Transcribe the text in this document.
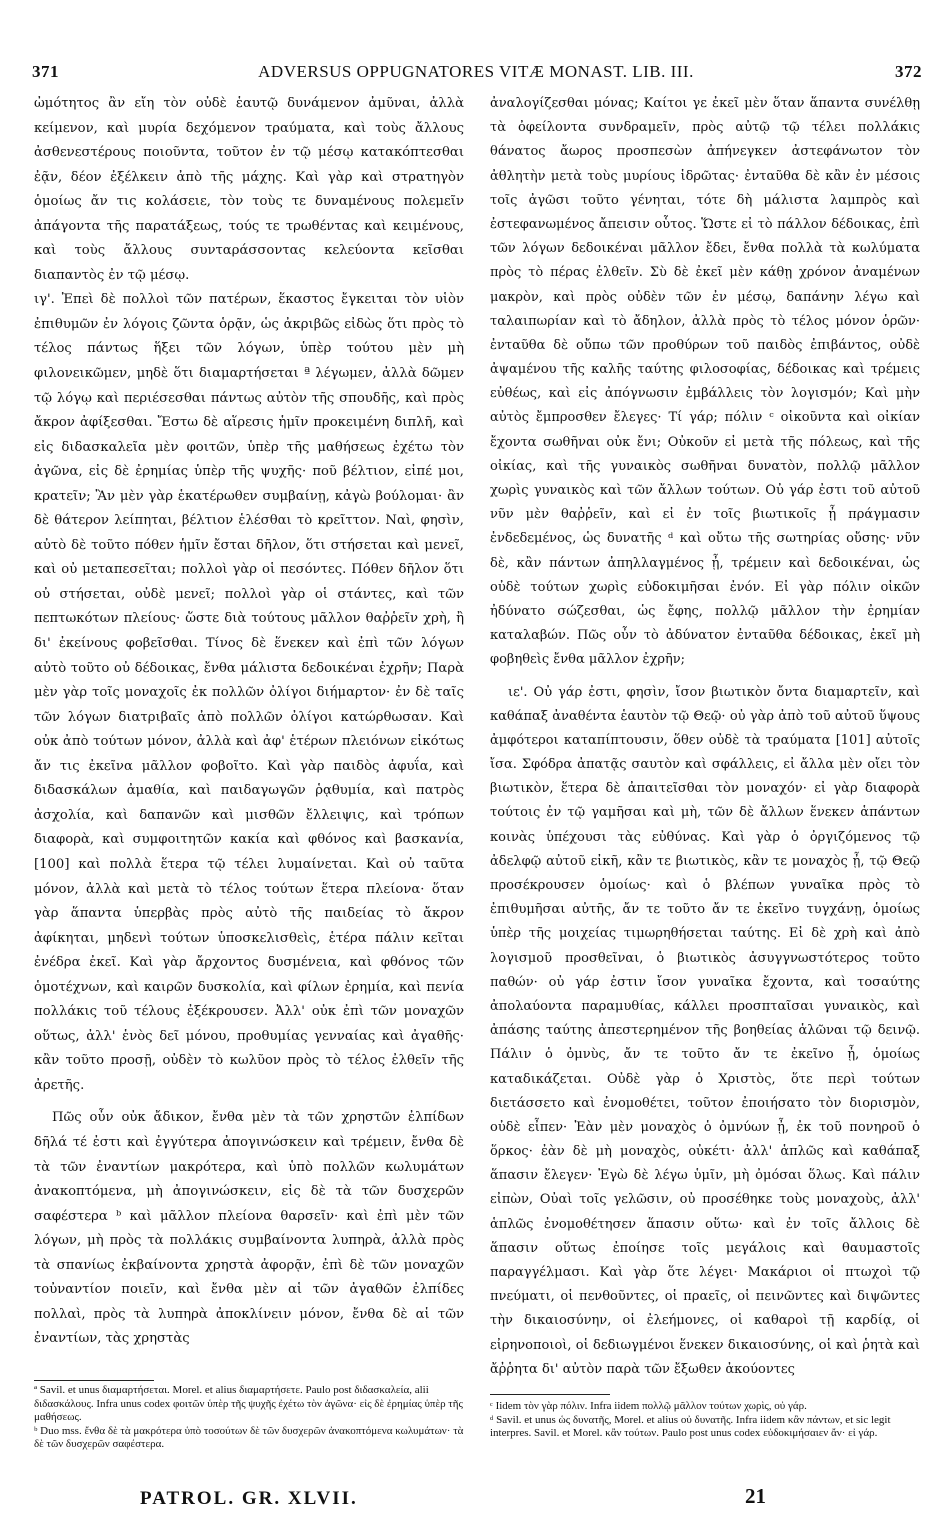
371	ADVERSUS OPPUGNATORES VITÆ MONAST. LIB. III.	372

ὠμότητος ἂν εἴη τὸν οὐδὲ ἑαυτῷ δυνάμενον ἀμῦναι, ἀλλὰ κείμενον, καὶ μυρία δεχόμενον τραύματα, καὶ τοὺς ἄλλους ἀσθενεστέρους ποιοῦντα, τοῦτον ἐν τῷ μέσῳ κατακόπτεσθαι ἐᾷν, δέον ἐξέλκειν ἀπὸ τῆς μάχης. Καὶ γὰρ καὶ στρατηγὸν ὁμοίως ἄν τις κολάσειε, τὸν τοὺς τε δυναμένους πολεμεῖν ἀπάγοντα τῆς παρατάξεως, τούς τε τρωθέντας καὶ κειμένους, καὶ τοὺς ἄλλους συνταράσσοντας κελεύοντα κεῖσθαι διαπαντὸς ἐν τῷ μέσῳ.

ιγ'. Ἐπεὶ δὲ πολλοὶ τῶν πατέρων, ἕκαστος ἔγκειται τὸν υἱὸν ἐπιθυμῶν ἐν λόγοις ζῶντα ὁρᾷν, ὡς ἀκριβῶς εἰδὼς ὅτι πρὸς τὸ τέλος πάντως ἥξει τῶν λόγων, ὑπὲρ τούτου μὲν μὴ φιλονεικῶμεν, μηδὲ ὅτι διαμαρτήσεται ª λέγωμεν, ἀλλὰ δῶμεν τῷ λόγῳ καὶ περιέσεσθαι πάντως αὐτὸν τῆς σπουδῆς, καὶ πρὸς ἄκρον ἀφίξεσθαι. Ἔστω δὲ αἵρεσις ἡμῖν προκειμένη διπλῆ, καὶ εἰς διδασκαλεῖα μὲν φοιτῶν, ὑπὲρ τῆς μαθήσεως ἐχέτω τὸν ἀγῶνα, εἰς δὲ ἐρημίας ὑπὲρ τῆς ψυχῆς· ποῦ βέλτιον, εἰπέ μοι, κρατεῖν; Ἂν μὲν γὰρ ἑκατέρωθεν συμβαίνῃ, κἀγὼ βούλομαι· ἂν δὲ θάτερον λείπηται, βέλτιον ἑλέσθαι τὸ κρεῖττον. Ναὶ, φησὶν, αὐτὸ δὲ τοῦτο πόθεν ἡμῖν ἔσται δῆλον, ὅτι στήσεται καὶ μενεῖ, καὶ οὐ μεταπεσεῖται; πολλοὶ γὰρ οἱ πεσόντες. Πόθεν δῆλον ὅτι οὐ στήσεται, οὐδὲ μενεῖ; πολλοὶ γὰρ οἱ στάντες, καὶ τῶν πεπτωκότων πλείους· ὥστε διὰ τούτους μᾶλλον θαῤῥεῖν χρὴ, ἢ δι' ἐκείνους φοβεῖσθαι. Τίνος δὲ ἕνεκεν καὶ ἐπὶ τῶν λόγων αὐτὸ τοῦτο οὐ δέδοικας, ἔνθα μάλιστα δεδοικέναι ἐχρῆν; Παρὰ μὲν γὰρ τοῖς μοναχοῖς ἐκ πολλῶν ὀλίγοι διήμαρτον· ἐν δὲ ταῖς τῶν λόγων διατριβαῖς ἀπὸ πολλῶν ὀλίγοι κατώρθωσαν. Καὶ οὐκ ἀπὸ τούτων μόνον, ἀλλὰ καὶ ἀφ' ἑτέρων πλειόνων εἰκότως ἄν τις ἐκεῖνα μᾶλλον φοβοῖτο. Καὶ γὰρ παιδὸς ἀφυΐα, καὶ διδασκάλων ἀμαθία, καὶ παιδαγωγῶν ῥᾳθυμία, καὶ πατρὸς ἀσχολία, καὶ δαπανῶν καὶ μισθῶν ἔλλειψις, καὶ τρόπων διαφορὰ, καὶ συμφοιτητῶν κακία καὶ φθόνος καὶ βασκανία, [100] καὶ πολλὰ ἕτερα τῷ τέλει λυμαίνεται. Καὶ οὐ ταῦτα μόνον, ἀλλὰ καὶ μετὰ τὸ τέλος τούτων ἕτερα πλείονα· ὅταν γὰρ ἅπαντα ὑπερβὰς πρὸς αὐτὸ τῆς παιδείας τὸ ἄκρον ἀφίκηται, μηδενὶ τούτων ὑποσκελισθεὶς, ἑτέρα πάλιν κεῖται ἐνέδρα ἐκεῖ. Καὶ γὰρ ἄρχοντος δυσμένεια, καὶ φθόνος τῶν ὁμοτέχνων, καὶ καιρῶν δυσκολία, καὶ φίλων ἐρημία, καὶ πενία πολλάκις τοῦ τέλους ἐξέκρουσεν. Ἀλλ' οὐκ ἐπὶ τῶν μοναχῶν οὕτως, ἀλλ' ἑνὸς δεῖ μόνου, προθυμίας γενναίας καὶ ἀγαθῆς· κἂν τοῦτο προσῇ, οὐδὲν τὸ κωλῦον πρὸς τὸ τέλος ἐλθεῖν τῆς ἀρετῆς.

Πῶς οὖν οὐκ ἄδικον, ἔνθα μὲν τὰ τῶν χρηστῶν ἐλπίδων δῆλά τέ ἐστι καὶ ἐγγύτερα ἀπογινώσκειν καὶ τρέμειν, ἔνθα δὲ τὰ τῶν ἐναντίων μακρότερα, καὶ ὑπὸ πολλῶν κωλυμάτων ἀνακοπτόμενα, μὴ ἀπογινώσκειν, εἰς δὲ τὰ τῶν δυσχερῶν σαφέστερα ᵇ καὶ μᾶλλον πλείονα θαρσεῖν· καὶ ἐπὶ μὲν τῶν λόγων, μὴ πρὸς τὰ πολλάκις συμβαίνοντα λυπηρὰ, ἀλλὰ πρὸς τὰ σπανίως ἐκβαίνοντα χρηστὰ ἀφορᾷν, ἐπὶ δὲ τῶν μοναχῶν τοὐναντίον ποιεῖν, καὶ ἔνθα μὲν αἱ τῶν ἀγαθῶν ἐλπίδες πολλαὶ, πρὸς τὰ λυπηρὰ ἀποκλίνειν μόνον, ἔνθα δὲ αἱ τῶν ἐναντίων, τὰς χρηστὰς

ἀναλογίζεσθαι μόνας; Καίτοι γε ἐκεῖ μὲν ὅταν ἅπαντα συνέλθῃ τὰ ὀφείλοντα συνδραμεῖν, πρὸς αὐτῷ τῷ τέλει πολλάκις θάνατος ἄωρος προσπεσὼν ἀπήνεγκεν ἀστεφάνωτον τὸν ἀθλητὴν μετὰ τοὺς μυρίους ἱδρῶτας· ἐνταῦθα δὲ κἂν ἐν μέσοις τοῖς ἀγῶσι τοῦτο γένηται, τότε δὴ μάλιστα λαμπρὸς καὶ ἐστεφανωμένος ἄπεισιν οὗτος. Ὥστε εἰ τὸ πάλλον δέδοικας, ἐπὶ τῶν λόγων δεδοικέναι μᾶλλον ἔδει, ἔνθα πολλὰ τὰ κωλύματα πρὸς τὸ πέρας ἐλθεῖν. Σὺ δὲ ἐκεῖ μὲν κάθῃ χρόνον ἀναμένων μακρὸν, καὶ πρὸς οὐδὲν τῶν ἐν μέσῳ, δαπάνην λέγω καὶ ταλαιπωρίαν καὶ τὸ ἄδηλον, ἀλλὰ πρὸς τὸ τέλος μόνον ὁρῶν· ἐνταῦθα δὲ οὔπω τῶν προθύρων τοῦ παιδὸς ἐπιβάντος, οὐδὲ ἀψαμένου τῆς καλῆς ταύτης φιλοσοφίας, δέδοικας καὶ τρέμεις εὐθέως, καὶ εἰς ἀπόγνωσιν ἐμβάλλεις τὸν λογισμόν; Καὶ μὴν αὐτὸς ἔμπροσθεν ἔλεγες· Τί γάρ; πόλιν ᶜ οἰκοῦντα καὶ οἰκίαν ἔχοντα σωθῆναι οὐκ ἔνι; Οὐκοῦν εἰ μετὰ τῆς πόλεως, καὶ τῆς οἰκίας, καὶ τῆς γυναικὸς σωθῆναι δυνατὸν, πολλῷ μᾶλλον χωρὶς γυναικὸς καὶ τῶν ἄλλων τούτων. Οὐ γάρ ἐστι τοῦ αὐτοῦ νῦν μὲν θαῤῥεῖν, καὶ εἰ ἐν τοῖς βιωτικοῖς ᾖ πράγμασιν ἐνδεδεμένος, ὡς δυνατῆς ᵈ καὶ οὔτω τῆς σωτηρίας οὔσης· νῦν δὲ, κἂν πάντων ἀπηλλαγμένος ᾖ, τρέμειν καὶ δεδοικέναι, ὡς οὐδὲ τούτων χωρὶς εὐδοκιμῆσαι ἐνόν. Εἰ γὰρ πόλιν οἰκῶν ἠδύνατο σώζεσθαι, ὡς ἔφης, πολλῷ μᾶλλον τὴν ἐρημίαν καταλαβών. Πῶς οὖν τὸ ἀδύνατον ἐνταῦθα δέδοικας, ἐκεῖ μὴ φοβηθεὶς ἔνθα μᾶλλον ἐχρῆν;

ιε'. Οὐ γάρ ἐστι, φησὶν, ἴσον βιωτικὸν ὄντα διαμαρτεῖν, καὶ καθάπαξ ἀναθέντα ἑαυτὸν τῷ Θεῷ· οὐ γὰρ ἀπὸ τοῦ αὐτοῦ ὕψους ἀμφότεροι καταπίπτουσιν, ὅθεν οὐδὲ τὰ τραύματα [101] αὐτοῖς ἴσα. Σφόδρα ἀπατᾷς σαυτὸν καὶ σφάλλεις, εἰ ἄλλα μὲν οἴει τὸν βιωτικὸν, ἕτερα δὲ ἀπαιτεῖσθαι τὸν μοναχόν· εἰ γὰρ διαφορὰ τούτοις ἐν τῷ γαμῆσαι καὶ μὴ, τῶν δὲ ἄλλων ἕνεκεν ἁπάντων κοινὰς ὑπέχουσι τὰς εὐθύνας. Καὶ γὰρ ὁ ὀργιζόμενος τῷ ἀδελφῷ αὐτοῦ εἰκῆ, κἂν τε βιωτικὸς, κἂν τε μοναχὸς ᾖ, τῷ Θεῷ προσέκρουσεν ὁμοίως· καὶ ὁ βλέπων γυναῖκα πρὸς τὸ ἐπιθυμῆσαι αὐτῆς, ἄν τε τοῦτο ἄν τε ἐκεῖνο τυγχάνῃ, ὁμοίως ὑπὲρ τῆς μοιχείας τιμωρηθήσεται ταύτης. Εἰ δὲ χρὴ καὶ ἀπὸ λογισμοῦ προσθεῖναι, ὁ βιωτικὸς ἀσυγγνωστότερος τοῦτο παθών· οὐ γάρ ἐστιν ἴσον γυναῖκα ἔχοντα, καὶ τοσαύτης ἀπολαύοντα παραμυθίας, κάλλει προσπταῖσαι γυναικὸς, καὶ ἀπάσης ταύτης ἀπεστερημένον τῆς βοηθείας ἁλῶναι τῷ δεινῷ. Πάλιν ὁ ὀμνὺς, ἄν τε τοῦτο ἄν τε ἐκεῖνο ᾖ, ὁμοίως καταδικάζεται. Οὐδὲ γὰρ ὁ Χριστὸς, ὅτε περὶ τούτων διετάσσετο καὶ ἐνομοθέτει, τοῦτον ἐποιήσατο τὸν διορισμὸν, οὐδὲ εἶπεν· Ἐὰν μὲν μοναχὸς ὁ ὀμνύων ᾖ, ἐκ τοῦ πονηροῦ ὁ ὅρκος· ἐὰν δὲ μὴ μοναχὸς, οὐκέτι· ἀλλ' ἁπλῶς καὶ καθάπαξ ἅπασιν ἔλεγεν· Ἐγὼ δὲ λέγω ὑμῖν, μὴ ὀμόσαι ὅλως. Καὶ πάλιν εἰπὼν, Οὐαὶ τοῖς γελῶσιν, οὐ προσέθηκε τοὺς μοναχοὺς, ἀλλ' ἁπλῶς ἐνομοθέτησεν ἅπασιν οὕτω· καὶ ἐν τοῖς ἄλλοις δὲ ἅπασιν οὕτως ἐποίησε τοῖς μεγάλοις καὶ θαυμαστοῖς παραγγέλμασι. Καὶ γὰρ ὅτε λέγει· Μακάριοι οἱ πτωχοὶ τῷ πνεύματι, οἱ πενθοῦντες, οἱ πραεῖς, οἱ πεινῶντες καὶ διψῶντες τὴν δικαιοσύνην, οἱ ἐλεήμονες, οἱ καθαροὶ τῇ καρδίᾳ, οἱ εἰρηνοποιοὶ, οἱ δεδιωγμένοι ἕνεκεν δικαιοσύνης, οἱ καὶ ῥητὰ καὶ ἄῤῥητα δι' αὐτὸν παρὰ τῶν ἔξωθεν ἀκούοντες

ª Savil. et unus διαμαρτήσεται. Morel. et alius διαμαρτήσετε. Paulo post διδασκαλεία, alii διδασκάλους. Infra unus codex φοιτῶν ὑπὲρ τῆς ψυχῆς ἐχέτω τὸν ἀγῶνα· εἰς δὲ ἐρημίας ὑπὲρ τῆς μαθήσεως.

ᵇ Duo mss. ἔνθα δὲ τὰ μακρότερα ὑπὸ τοσούτων δὲ τῶν δυσχερῶν ἀνακοπτόμενα κωλυμάτων· τὰ δὲ τῶν δυσχερῶν σαφέστερα.

ᶜ Iidem τὸν γὰρ πόλιν. Infra iidem πολλῷ μᾶλλον τούτων χωρὶς, οὐ γάρ.

ᵈ Savil. et unus ὡς δυνατῆς, Morel. et alius οὐ δυνατῆς. Infra iidem κἂν πάντων, et sic legit interpres. Savil. et Morel. κἂν τούτων. Paulo post unus codex εὐδοκιμήσαιεν ἄν· εἰ γάρ.

PATROL. GR. XLVII.	21
